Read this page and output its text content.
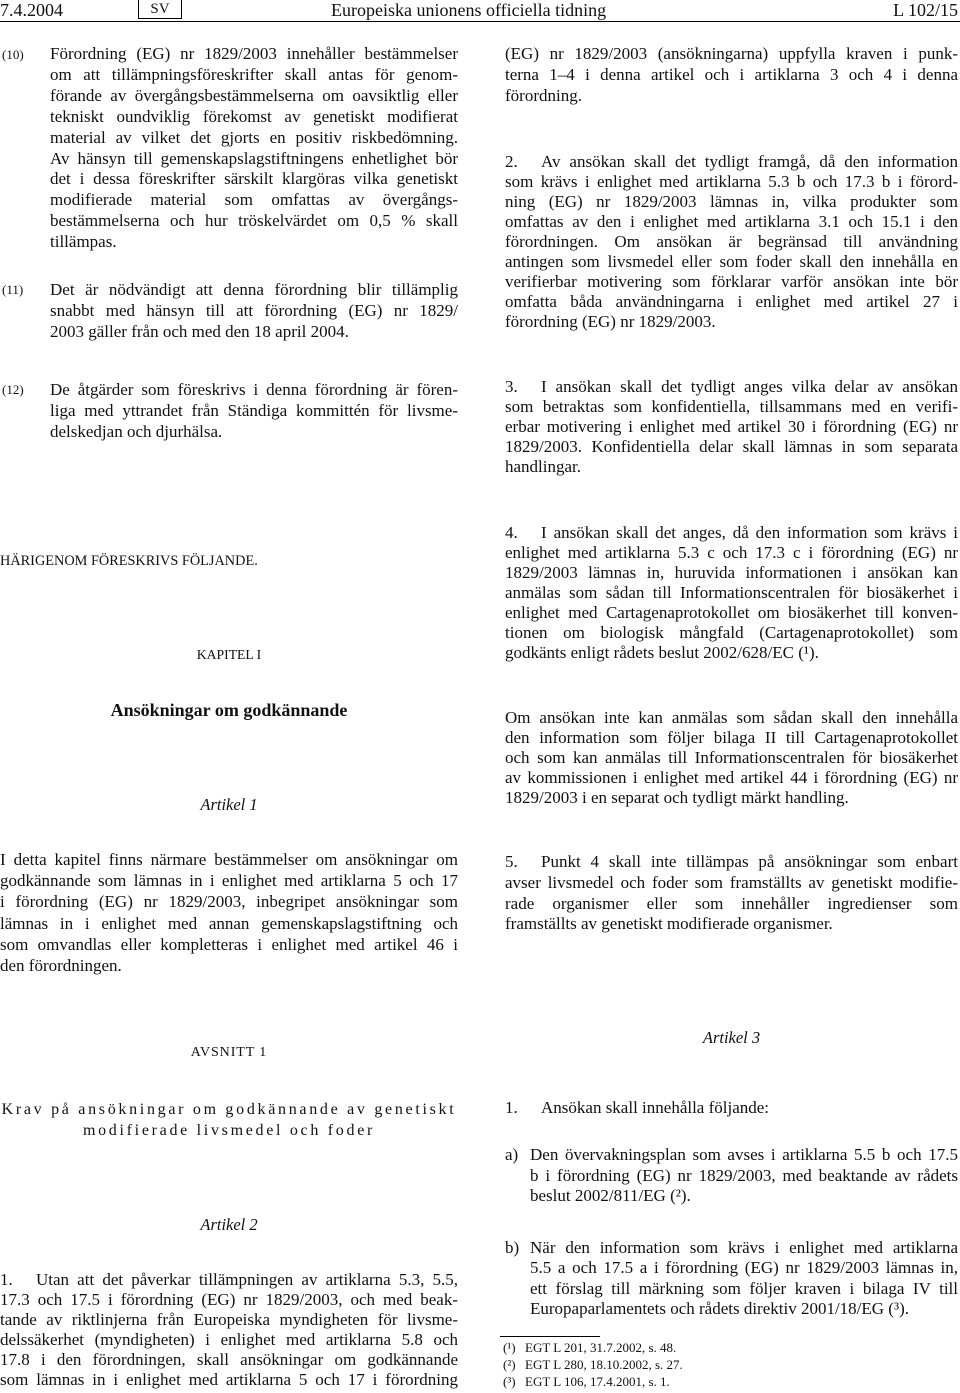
7.4.2004	SV	Europeiska unionens officiella tidning	L 102/15
(10) Förordning (EG) nr 1829/2003 innehåller bestämmelser
om att tillämpningsföreskrifter skall antas för genom-
förande av övergångsbestämmelserna om oavsiktlig eller
tekniskt oundviklig förekomst av genetiskt modifierat
material av vilket det gjorts en positiv riskbedömning.
Av hänsyn till gemenskapslagstiftningens enhetlighet bör
det i dessa föreskrifter särskilt klargöras vilka genetiskt
modifierade material som omfattas av övergångs-
bestämmelserna och hur tröskelvärdet om 0,5 % skall
tillämpas.
(11) Det är nödvändigt att denna förordning blir tillämplig
snabbt med hänsyn till att förordning (EG) nr 1829/
2003 gäller från och med den 18 april 2004.
(12) De åtgärder som föreskrivs i denna förordning är fören-
liga med yttrandet från Ständiga kommittén för livsme-
delskedjan och djurhälsa.
HÄRIGENOM FÖRESKRIVS FÖLJANDE.
KAPITEL I
Ansökningar om godkännande
Artikel 1
I detta kapitel finns närmare bestämmelser om ansökningar om
godkännande som lämnas in i enlighet med artiklarna 5 och 17
i förordning (EG) nr 1829/2003, inbegripet ansökningar som
lämnas in i enlighet med annan gemenskapslagstiftning och
som omvandlas eller kompletteras i enlighet med artikel 46 i
den förordningen.
AVSNITT 1
Krav på ansökningar om godkännande av genetiskt
modifierade livsmedel och foder
Artikel 2
1. Utan att det påverkar tillämpningen av artiklarna 5.3, 5.5,
17.3 och 17.5 i förordning (EG) nr 1829/2003, och med beak-
tande av riktlinjerna från Europeiska myndigheten för livsme-
delssäkerhet (myndigheten) i enlighet med artiklarna 5.8 och
17.8 i den förordningen, skall ansökningar om godkännande
som lämnas in i enlighet med artiklarna 5 och 17 i förordning
(EG) nr 1829/2003 (ansökningarna) uppfylla kraven i punk-
terna 1–4 i denna artikel och i artiklarna 3 och 4 i denna
förordning.
2. Av ansökan skall det tydligt framgå, då den information
som krävs i enlighet med artiklarna 5.3 b och 17.3 b i förord-
ning (EG) nr 1829/2003 lämnas in, vilka produkter som
omfattas av den i enlighet med artiklarna 3.1 och 15.1 i den
förordningen. Om ansökan är begränsad till användning
antingen som livsmedel eller som foder skall den innehålla en
verifierbar motivering som förklarar varför ansökan inte bör
omfatta båda användningarna i enlighet med artikel 27 i
förordning (EG) nr 1829/2003.
3. I ansökan skall det tydligt anges vilka delar av ansökan
som betraktas som konfidentiella, tillsammans med en verifi-
erbar motivering i enlighet med artikel 30 i förordning (EG) nr
1829/2003. Konfidentiella delar skall lämnas in som separata
handlingar.
4. I ansökan skall det anges, då den information som krävs i
enlighet med artiklarna 5.3 c och 17.3 c i förordning (EG) nr
1829/2003 lämnas in, huruvida informationen i ansökan kan
anmälas som sådan till Informationscentralen för biosäkerhet i
enlighet med Cartagenaprotokollet om biosäkerhet till konven-
tionen om biologisk mångfald (Cartagenaprotokollet) som
godkänts enligt rådets beslut 2002/628/EC (¹).
Om ansökan inte kan anmälas som sådan skall den innehålla
den information som följer bilaga II till Cartagenaprotokollet
och som kan anmälas till Informationscentralen för biosäkerhet
av kommissionen i enlighet med artikel 44 i förordning (EG) nr
1829/2003 i en separat och tydligt märkt handling.
5. Punkt 4 skall inte tillämpas på ansökningar som enbart
avser livsmedel och foder som framställts av genetiskt modifie-
rade organismer eller som innehåller ingredienser som
framställts av genetiskt modifierade organismer.
Artikel 3
1. Ansökan skall innehålla följande:
a) Den övervakningsplan som avses i artiklarna 5.5 b och 17.5
b i förordning (EG) nr 1829/2003, med beaktande av rådets
beslut 2002/811/EG (²).
b) När den information som krävs i enlighet med artiklarna
5.5 a och 17.5 a i förordning (EG) nr 1829/2003 lämnas in,
ett förslag till märkning som följer kraven i bilaga IV till
Europaparlamentets och rådets direktiv 2001/18/EG (³).
(¹) EGT L 201, 31.7.2002, s. 48.
(²) EGT L 280, 18.10.2002, s. 27.
(³) EGT L 106, 17.4.2001, s. 1.
